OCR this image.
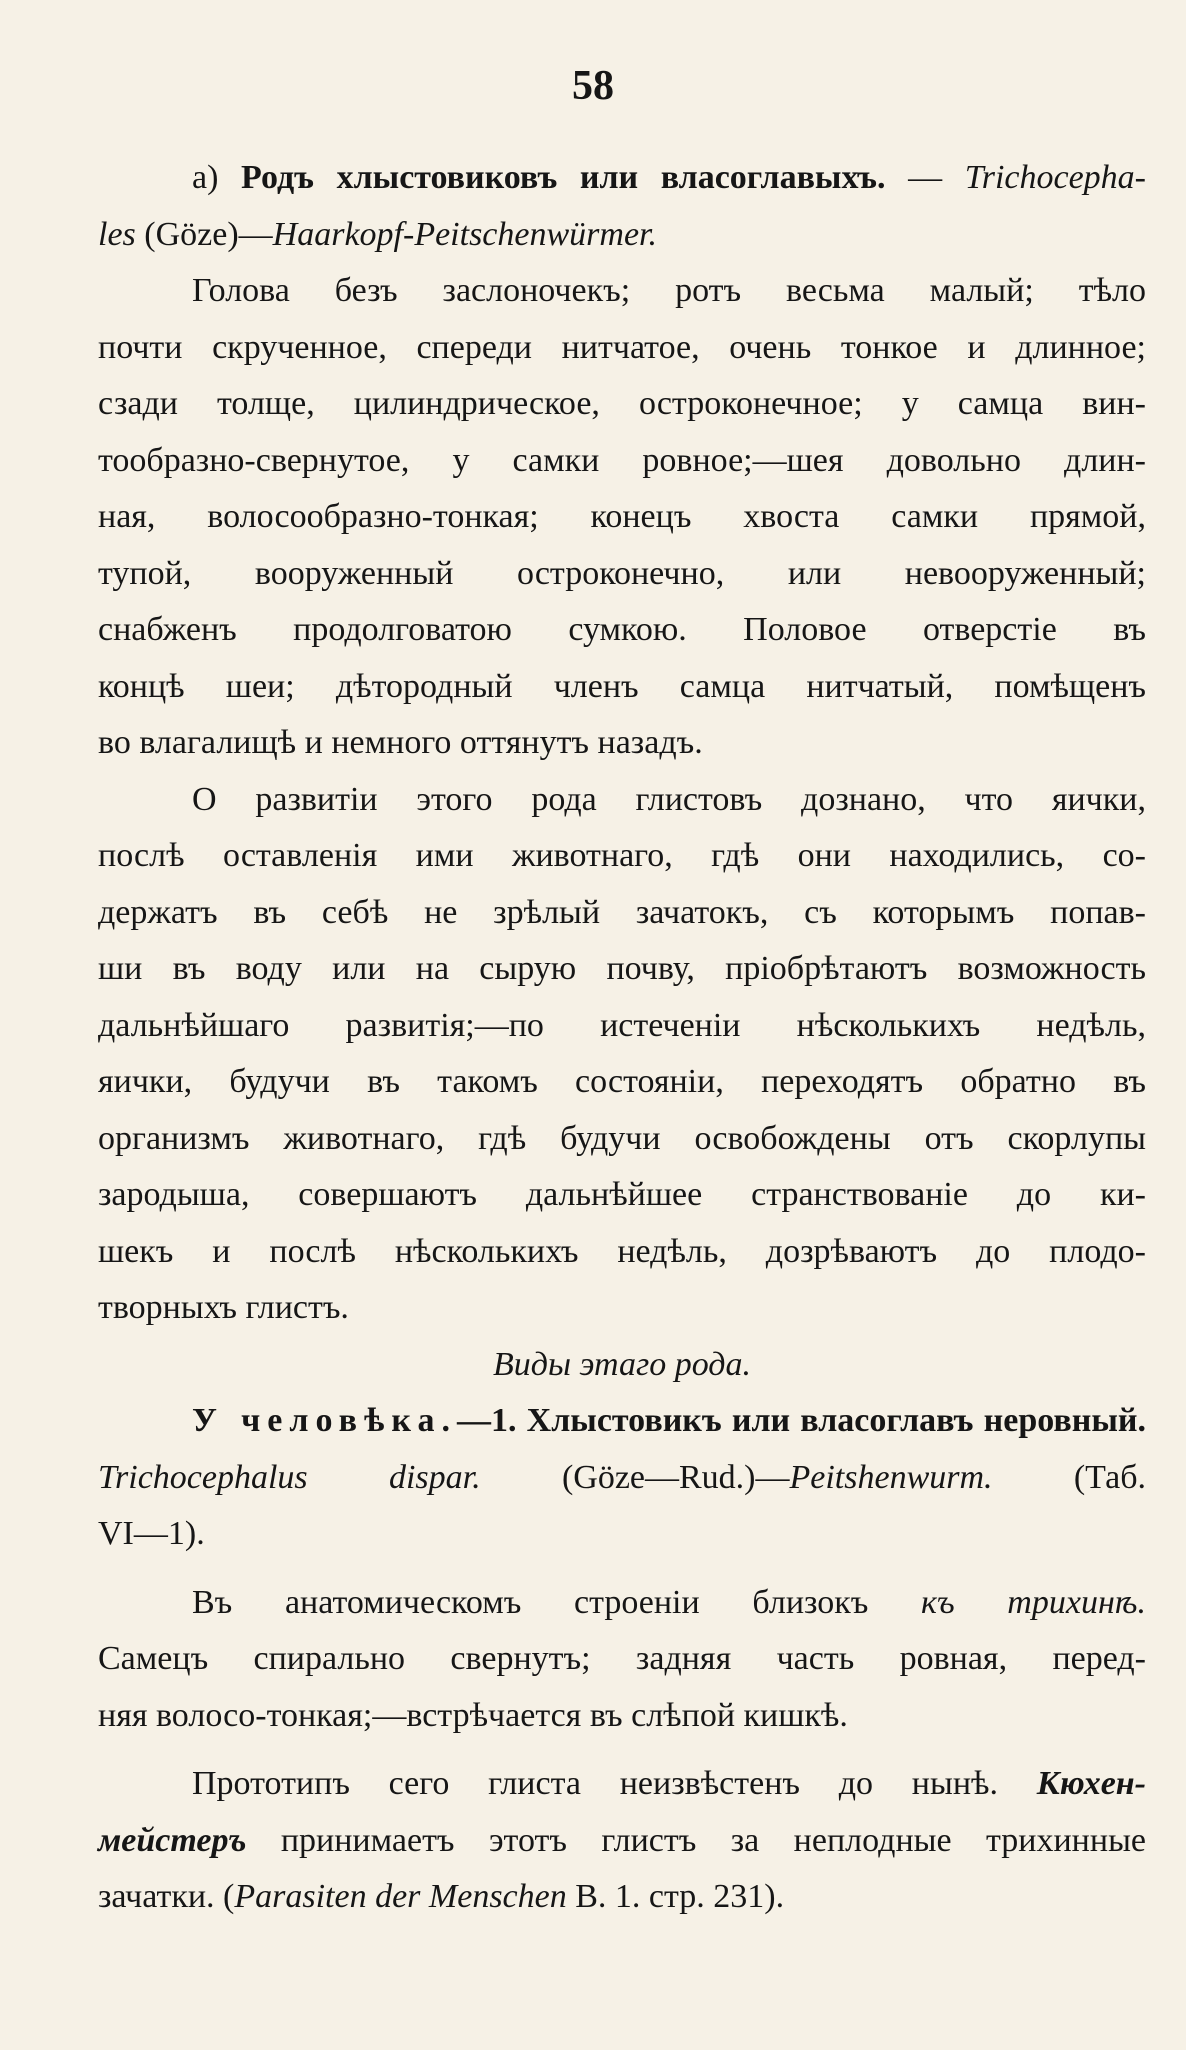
58
а) Родъ хлыстовиковъ или власоглавыхъ. — Trichocepha-
les (Göze)—Haarkopf-Peitschenwürmer.
Голова безъ заслоночекъ; ротъ весьма малый; тѣло
почти скрученное, спереди нитчатое, очень тонкое и длинное;
сзади толще, цилиндрическое, остроконечное; у самца вин-
тообразно-свернутое, у самки ровное;—шея довольно длин-
ная, волосообразно-тонкая; конецъ хвоста самки прямой,
тупой, вооруженный остроконечно, или невооруженный;
снабженъ продолговатою сумкою. Половое отверстіе въ
концѣ шеи; дѣтородный членъ самца нитчатый, помѣщенъ
во влагалищѣ и немного оттянутъ назадъ.
О развитіи этого рода глистовъ дознано, что яички,
послѣ оставленія ими животнаго, гдѣ они находились, со-
держатъ въ себѣ не зрѣлый зачатокъ, съ которымъ попав-
ши въ воду или на сырую почву, пріобрѣтаютъ возможность
дальнѣйшаго развитія;—по истеченіи нѣсколькихъ недѣль,
яички, будучи въ такомъ состояніи, переходятъ обратно въ
организмъ животнаго, гдѣ будучи освобождены отъ скорлупы
зародыша, совершаютъ дальнѣйшее странствованіе до ки-
шекъ и послѣ нѣсколькихъ недѣль, дозрѣваютъ до плодо-
творныхъ глистъ.
Виды этаго рода.
У человѣка.—1. Хлыстовикъ или власоглавъ неровный.
Trichocephalus dispar. (Göze—Rud.)—Peitshenwurm. (Таб.
VI—1).
Въ анатомическомъ строеніи близокъ къ трихинѣ.
Самецъ спирально свернутъ; задняя часть ровная, перед-
няя волосо-тонкая;—встрѣчается въ слѣпой кишкѣ.
Прототипъ сего глиста неизвѣстенъ до нынѣ. Кюхен-
мейстеръ принимаетъ этотъ глистъ за неплодные трихинные
зачатки. (Parasiten der Menschen B. 1. стр. 231).
